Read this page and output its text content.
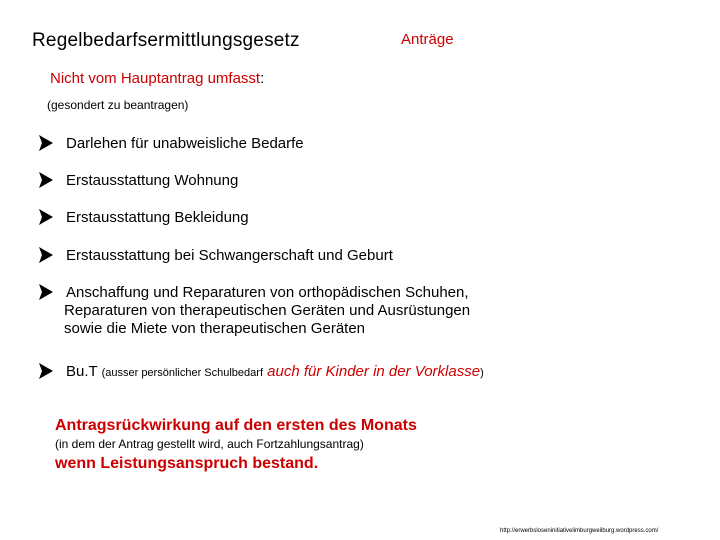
Regelbedarfsermittlungsgesetz	Anträge
Nicht vom Hauptantrag umfasst:
(gesondert zu beantragen)
Darlehen für unabweisliche Bedarfe
Erstausstattung Wohnung
Erstausstattung Bekleidung
Erstausstattung bei Schwangerschaft und Geburt
Anschaffung und Reparaturen von orthopädischen Schuhen,
Reparaturen von therapeutischen Geräten und Ausrüstungen
sowie die Miete von therapeutischen Geräten
Bu.T (ausser persönlicher Schulbedarf auch für Kinder in der Vorklasse)
Antragsrückwirkung auf den ersten des Monats
(in dem der Antrag gestellt wird, auch Fortzahlungsantrag)
wenn Leistungsanspruch bestand.
http://erwerbsloseninitiativelimburgweilburg.wordpress.com/
